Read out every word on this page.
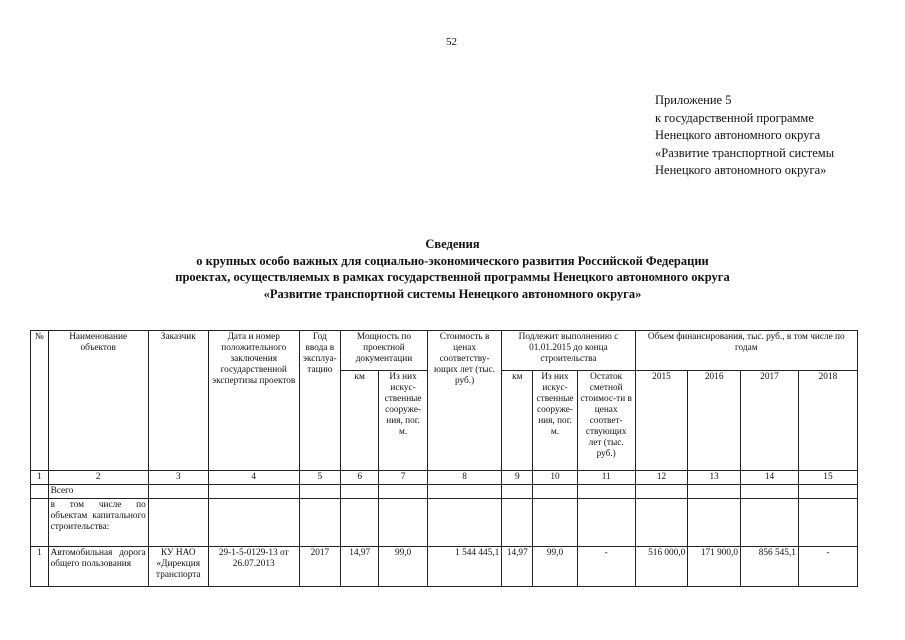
52
Приложение 5
к государственной программе
Ненецкого автономного округа
«Развитие транспортной системы
Ненецкого автономного округа»
Сведения
о крупных особо важных для социально-экономического развития Российской Федерации
проектах, осуществляемых в рамках государственной программы Ненецкого автономного округа
«Развитие транспортной системы Ненецкого автономного округа»
№	Наименование объектов	Заказчик	Дата и номер положительного заключения государственной экспертизы проектов	Год ввода в эксплуа-тацию	Мощность по проектной документации		Стоимость в ценах соответству-ющих лет (тыс. руб.)	Подлежит выполнению с 01.01.2015 до конца строительства			Объем финансирования, тыс. руб., в том числе по годам			
					км	Из них искус-ственные сооруже-ния, пог. м.		км	Из них искус-ственные сооруже-ния, пог. м.	Остаток сметной стоимос-ти в ценах соответ-ствующих лет (тыс. руб.)	2015	2016	2017	2018
1	2	3	4	5	6	7	8	9	10	11	12	13	14	15
	Всего													
	в том числе по объектам капитального строительства:													
1	Автомобильная дорога общего пользования	КУ НАО «Дирекция транспорта	29-1-5-0129-13 от 26.07.2013	2017	14,97	99,0	1 544 445,1	14,97	99,0	-	516 000,0	171 900,0	856 545,1	-
